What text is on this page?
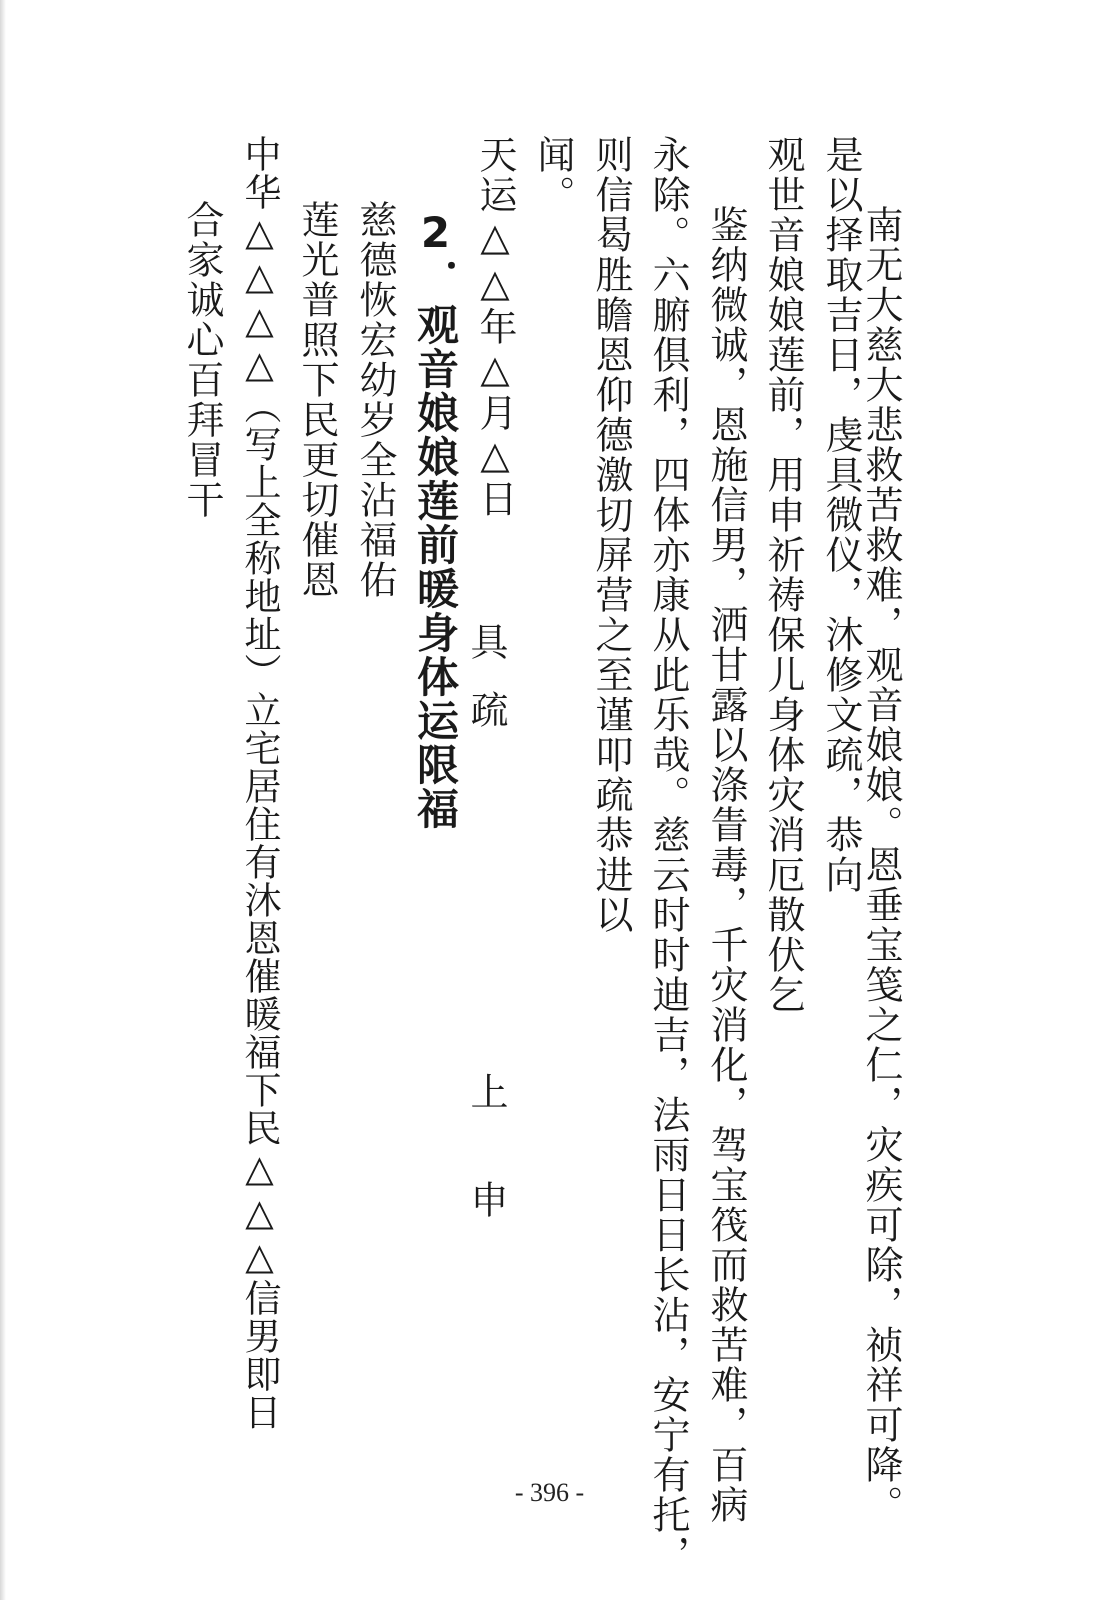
南无大慈大悲救苦救难，观音娘娘。恩垂宝笺之仁，灾疾可除，祯祥可降。
是以择取吉日，虔具微仪，沐修文疏，恭向
观世音娘娘莲前，用申祈祷保儿身体灾消厄散伏乞
鉴纳微诚，恩施信男，洒甘露以涤眚毒，千灾消化，驾宝筏而救苦难，百病
永除。六腑俱利，四体亦康从此乐哉。慈云时时迪吉，法雨日日长沾，安宁有托，
则信曷胜瞻恩仰德激切屏营之至谨叩疏恭进以
闻。
天运△△年△月△日
具
疏
上
申
2．观音娘娘莲前暖身体运限福
慈德恢宏幼岁全沾福佑
莲光普照下民更切催恩
中华△△△△（写上全称地址）立宅居住有沐恩催暖福下民△△△信男即日
合家诚心百拜冒干
- 396 -
